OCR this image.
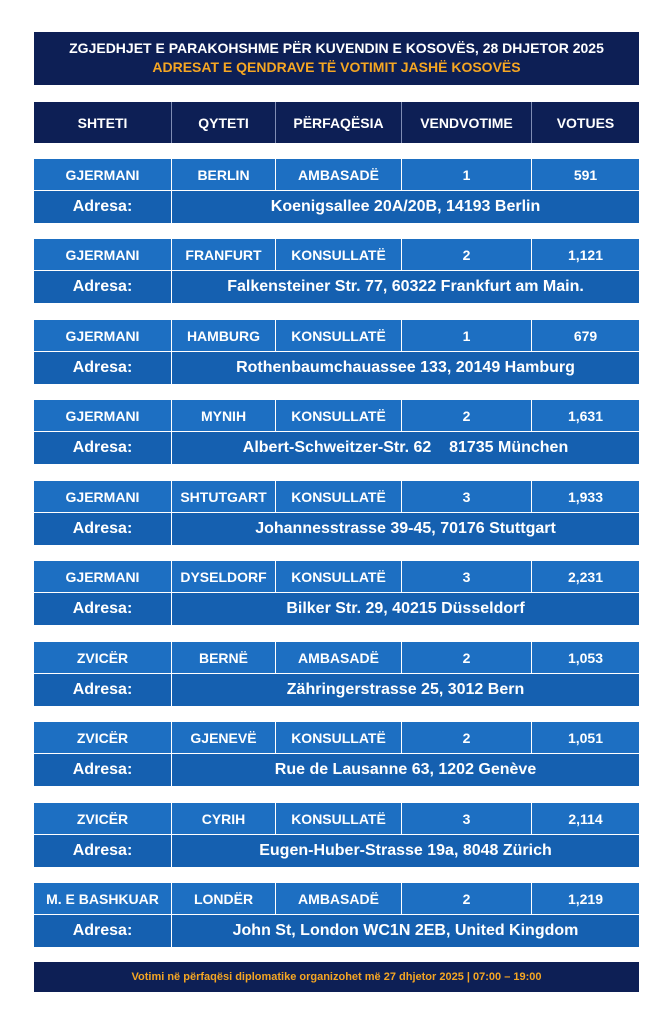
ZGJEDHJET E PARAKOHSHME PËR KUVENDIN E KOSOVËS, 28 DHJETOR 2025
ADRESAT E QENDRAVE TË VOTIMIT JASHË KOSOVËS
SHTETI	QYTETI	PËRFAQËSIA	VENDVOTIME	VOTUES
GJERMANI	BERLIN	AMBASADË	1	591
Adresa:	Koenigsallee 20A/20B, 14193 Berlin
GJERMANI	FRANFURT	KONSULLATË	2	1,121
Adresa:	Falkensteiner Str. 77, 60322 Frankfurt am Main.
GJERMANI	HAMBURG	KONSULLATË	1	679
Adresa:	Rothenbaumchauassee 133, 20149 Hamburg
GJERMANI	MYNIH	KONSULLATË	2	1,631
Adresa:	Albert-Schweitzer-Str. 62    81735 München
GJERMANI	SHTUTGART	KONSULLATË	3	1,933
Adresa:	Johannesstrasse 39-45, 70176 Stuttgart
GJERMANI	DYSELDORF	KONSULLATË	3	2,231
Adresa:	Bilker Str. 29, 40215 Düsseldorf
ZVICËR	BERNË	AMBASADË	2	1,053
Adresa:	Zähringerstrasse 25, 3012 Bern
ZVICËR	GJENEVË	KONSULLATË	2	1,051
Adresa:	Rue de Lausanne 63, 1202 Genève
ZVICËR	CYRIH	KONSULLATË	3	2,114
Adresa:	Eugen-Huber-Strasse 19a, 8048 Zürich
M. E BASHKUAR	LONDËR	AMBASADË	2	1,219
Adresa:	John St, London WC1N 2EB, United Kingdom
Votimi në përfaqësi diplomatike organizohet më 27 dhjetor 2025 | 07:00 – 19:00
